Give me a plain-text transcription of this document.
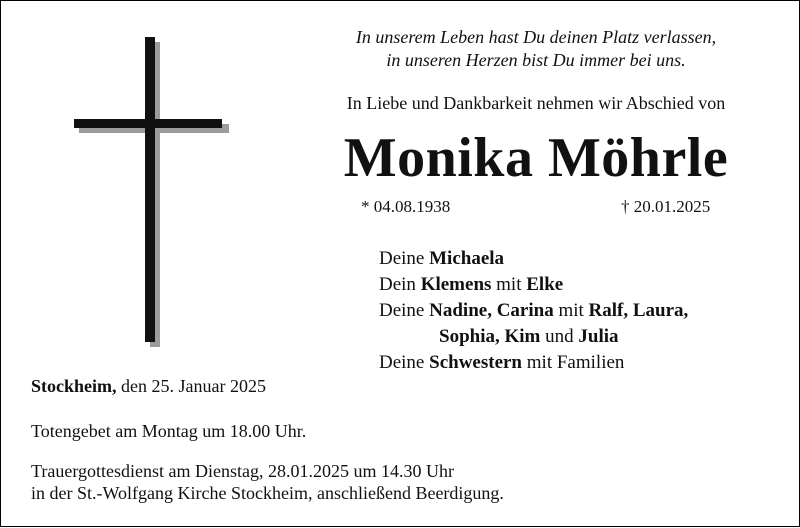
In unserem Leben hast Du deinen Platz verlassen,
in unseren Herzen bist Du immer bei uns.
In Liebe und Dankbarkeit nehmen wir Abschied von
Monika Möhrle
* 04.08.1938	† 20.01.2025
Deine Michaela
Dein Klemens mit Elke
Deine Nadine, Carina mit Ralf, Laura,
Sophia, Kim und Julia
Deine Schwestern mit Familien
Stockheim, den 25. Januar 2025
Totengebet am Montag um 18.00 Uhr.
Trauergottesdienst am Dienstag, 28.01.2025 um 14.30 Uhr
in der St.-Wolfgang Kirche Stockheim, anschließend Beerdigung.
